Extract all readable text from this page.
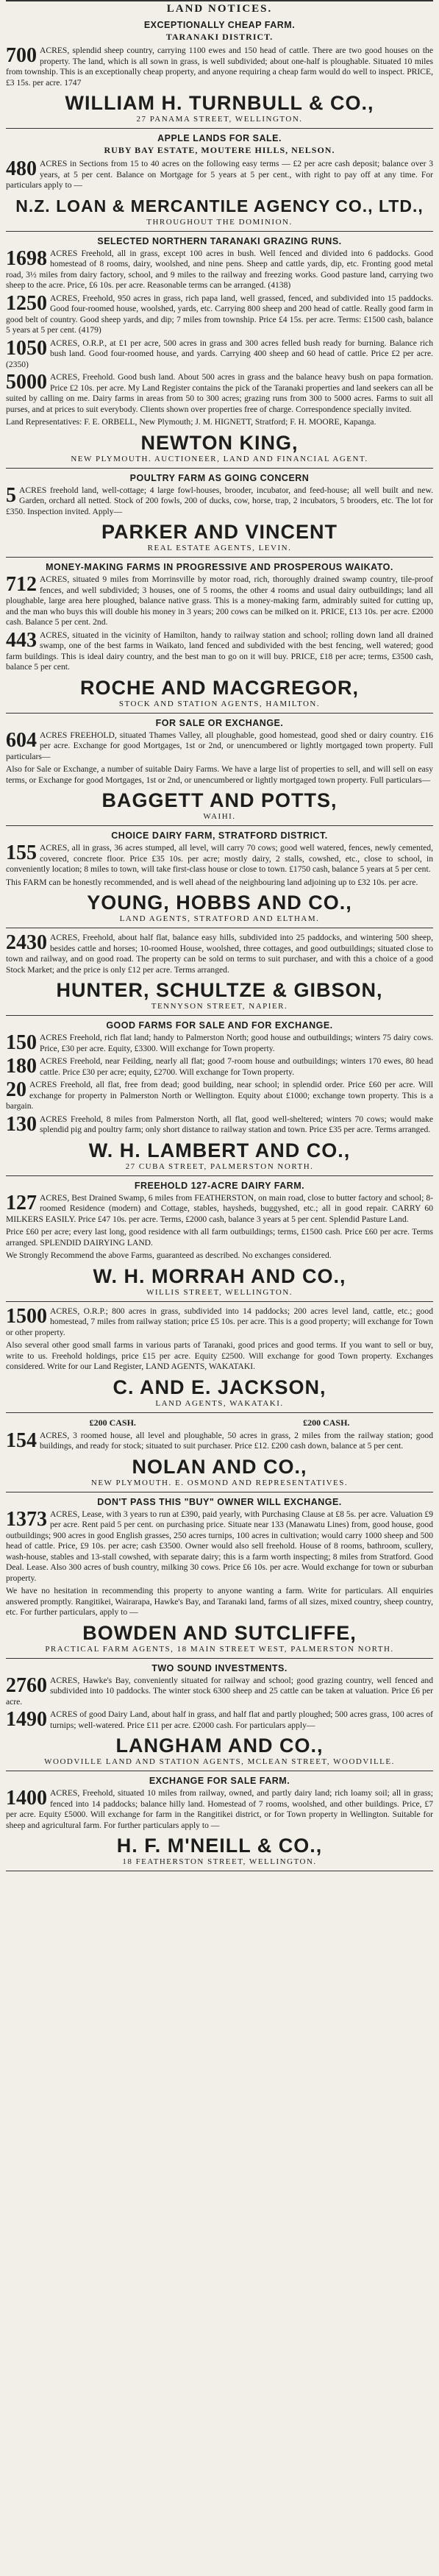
LAND NOTICES.
EXCEPTIONALLY CHEAP FARM.
TARANAKI DISTRICT.
700 ACRES, splendid sheep country, carrying 1100 ewes and 150 head of cattle. There are two good houses on the property. The land, which is all sown in grass, is well subdivided; about one-half is ploughable. Situated 10 miles from township. This is an exceptionally cheap property, and anyone requiring a cheap farm would do well to inspect. PRICE, £3 15s. per acre. 1747
WILLIAM H. TURNBULL & CO.,
27 PANAMA STREET, WELLINGTON.
APPLE LANDS FOR SALE.
RUBY BAY ESTATE, MOUTERE HILLS, NELSON.
480 ACRES in Sections from 15 to 40 acres on the following easy terms — £2 per acre cash deposit; balance over 3 years, at 5 per cent. Balance on Mortgage for 5 years at 5 per cent., with right to pay off at any time. For particulars apply to —
N.Z. LOAN & MERCANTILE AGENCY CO., LTD.,
THROUGHOUT THE DOMINION.
SELECTED NORTHERN TARANAKI GRAZING RUNS.
1698 ACRES Freehold, all in grass, except 100 acres in bush. Well fenced and divided into 6 paddocks. Good homestead of 8 rooms, dairy, woolshed, and nine pens. Sheep and cattle yards, dip, etc. Fronting good metal road, 3½ miles from dairy factory, school, and 9 miles to the railway and freezing works. Good pasture land, carrying two sheep to the acre. Price, £6 10s. per acre. Reasonable terms can be arranged. (4138)
1250 ACRES, Freehold, 950 acres in grass, rich papa land, well grassed, fenced, and subdivided into 15 paddocks. Good four-roomed house, woolshed, yards, etc. Carrying 800 sheep and 200 head of cattle. Really good farm in good belt of country. Good sheep yards, and dip; 7 miles from township. Price £4 15s. per acre. Terms: £1500 cash, balance 5 years at 5 per cent. (4179)
1050 ACRES, O.R.P., at £1 per acre, 500 acres in grass and 300 acres felled bush ready for burning. Balance rich bush land. Good four-roomed house, and yards. Carrying 400 sheep and 60 head of cattle. Price £2 per acre. (2350)
5000 ACRES, Freehold. Good bush land. About 500 acres in grass and the balance heavy bush on papa formation. Price £2 10s. per acre. My Land Register contains the pick of the Taranaki properties and land seekers can all be suited by calling on me. Dairy farms in areas from 50 to 300 acres; grazing runs from 300 to 5000 acres. Farms to suit all purses, and at prices to suit everybody. Clients shown over properties free of charge. Correspondence specially invited.
Land Representatives: F. E. ORBELL, New Plymouth; J. M. HIGNETT, Stratford; F. H. MOORE, Kapanga.
NEWTON KING,
NEW PLYMOUTH. AUCTIONEER, LAND AND FINANCIAL AGENT.
POULTRY FARM AS GOING CONCERN
5 ACRES freehold land, well-cottage; 4 large fowl-houses, brooder, incubator, and feed-house; all well built and new. Garden, orchard all netted. Stock of 200 fowls, 200 of ducks, cow, horse, trap, 2 incubators, 5 brooders, etc. The lot for £350. Inspection invited. Apply—
PARKER AND VINCENT
REAL ESTATE AGENTS, LEVIN.
MONEY-MAKING FARMS IN PROGRESSIVE AND PROSPEROUS WAIKATO.
712 ACRES, situated 9 miles from Morrinsville by motor road, rich, thoroughly drained swamp country, tile-proof fences, and well subdivided; 3 houses, one of 5 rooms, the other 4 rooms and usual dairy outbuildings; land all ploughable, large area here ploughed, balance native grass. This is a money-making farm, admirably suited for cutting up, and the man who buys this will double his money in 3 years; 200 cows can be milked on it. PRICE, £13 10s. per acre. £2000 cash. Balance 5 per cent. 2nd.
443 ACRES, situated in the vicinity of Hamilton, handy to railway station and school; rolling down land all drained swamp, one of the best farms in Waikato, land fenced and subdivided with the best fencing, well watered; good farm buildings. This is ideal dairy country, and the best man to go on it will buy. PRICE, £18 per acre; terms, £3500 cash, balance 5 per cent.
ROCHE AND MACGREGOR,
STOCK AND STATION AGENTS, HAMILTON.
FOR SALE OR EXCHANGE.
604 ACRES FREEHOLD, situated Thames Valley, all ploughable, good homestead, good shed or dairy country. £16 per acre. Exchange for good Mortgages, 1st or 2nd, or unencumbered or lightly mortgaged town property. Full particulars—
Also for Sale or Exchange, a number of suitable Dairy Farms. We have a large list of properties to sell, and will sell on easy terms, or Exchange for good Mortgages, 1st or 2nd, or unencumbered or lightly mortgaged town property. Full particulars—
BAGGETT AND POTTS,
WAIHI.
CHOICE DAIRY FARM, STRATFORD DISTRICT.
155 ACRES, all in grass, 36 acres stumped, all level, will carry 70 cows; good well watered, fences, newly cemented, covered, concrete floor. Price £35 10s. per acre; mostly dairy, 2 stalls, cowshed, etc., close to school, in conveniently location; 8 miles to town, will take first-class house or close to town. £1750 cash, balance 5 years at 5 per cent.
This FARM can be honestly recommended, and is well ahead of the neighbouring land adjoining up to £32 10s. per acre.
YOUNG, HOBBS AND CO.,
LAND AGENTS, STRATFORD AND ELTHAM.
2430 ACRES, Freehold, about half flat, balance easy hills, subdivided into 25 paddocks, and wintering 500 sheep, besides cattle and horses; 10-roomed House, woolshed, three cottages, and good outbuildings; situated close to town and railway, and on good road. The property can be sold on terms to suit purchaser, and with this a choice of a good Stock Market; and the price is only £12 per acre. Terms arranged.
HUNTER, SCHULTZE & GIBSON,
TENNYSON STREET, NAPIER.
GOOD FARMS FOR SALE AND FOR EXCHANGE.
150 ACRES Freehold, rich flat land; handy to Palmerston North; good house and outbuildings; winters 75 dairy cows. Price, £30 per acre. Equity, £3300. Will exchange for Town property.
180 ACRES Freehold, near Feilding, nearly all flat; good 7-room house and outbuildings; winters 170 ewes, 80 head cattle. Price £30 per acre; equity, £2700. Will exchange for Town property.
20 ACRES Freehold, all flat, free from dead; good building, near school; in splendid order. Price £60 per acre. Will exchange for property in Palmerston North or Wellington. Equity about £1000; exchange town property. This is a bargain.
130 ACRES Freehold, 8 miles from Palmerston North, all flat, good well-sheltered; winters 70 cows; would make splendid pig and poultry farm; only short distance to railway station and town. Price £35 per acre. Terms arranged.
W. H. LAMBERT AND CO.,
27 CUBA STREET, PALMERSTON NORTH.
FREEHOLD 127-ACRE DAIRY FARM.
127 ACRES, Best Drained Swamp, 6 miles from FEATHERSTON, on main road, close to butter factory and school; 8-roomed Residence (modern) and Cottage, stables, haysheds, buggyshed, etc.; all in good repair. CARRY 60 MILKERS EASILY. Price £47 10s. per acre. Terms, £2000 cash, balance 3 years at 5 per cent. Splendid Pasture Land.
Price £60 per acre; every last long, good residence with all farm outbuildings; terms, £1500 cash. Price £60 per acre. Terms arranged. SPLENDID DAIRYING LAND.
We Strongly Recommend the above Farms, guaranteed as described. No exchanges considered.
W. H. MORRAH AND CO.,
WILLIS STREET, WELLINGTON.
1500 ACRES, O.R.P.; 800 acres in grass, subdivided into 14 paddocks; 200 acres level land, cattle, etc.; good homestead, 7 miles from railway station; price £5 10s. per acre. This is a good property; will exchange for Town or other property.
Also several other good small farms in various parts of Taranaki, good prices and good terms. If you want to sell or buy, write to us. Freehold holdings, price £15 per acre. Equity £2500. Will exchange for good Town property. Exchanges considered. Write for our Land Register, LAND AGENTS, WAKATAKI.
C. AND E. JACKSON,
LAND AGENTS, WAKATAKI.
£200 CASH.	£200 CASH.
154 ACRES, 3 roomed house, all level and ploughable, 50 acres in grass, 2 miles from the railway station; good buildings, and ready for stock; situated to suit purchaser. Price £12. £200 cash down, balance at 5 per cent.
NOLAN AND CO.,
NEW PLYMOUTH. E. OSMOND AND REPRESENTATIVES.
DON'T PASS THIS "BUY" OWNER WILL EXCHANGE.
1373 ACRES, Lease, with 3 years to run at £390, paid yearly, with Purchasing Clause at £8 5s. per acre. Valuation £9 per acre. Rent paid 5 per cent. on purchasing price. Situate near 133 (Manawatu Lines) from, good house, good outbuildings; 900 acres in good English grasses, 250 acres turnips, 100 acres in cultivation; would carry 1000 sheep and 500 head of cattle. Price, £9 10s. per acre; cash £3500. Owner would also sell freehold. House of 8 rooms, bathroom, scullery, wash-house, stables and 13-stall cowshed, with separate dairy; this is a farm worth inspecting; 8 miles from Stratford. Good Deal. Lease. Also 300 acres of bush country, milking 30 cows. Price £6 10s. per acre. Would exchange for town or suburban property.
We have no hesitation in recommending this property to anyone wanting a farm. Write for particulars. All enquiries answered promptly. Rangitikei, Wairarapa, Hawke's Bay, and Taranaki land, farms of all sizes, mixed country, sheep country, etc. For further particulars, apply to —
BOWDEN AND SUTCLIFFE,
PRACTICAL FARM AGENTS, 18 MAIN STREET WEST, PALMERSTON NORTH.
TWO SOUND INVESTMENTS.
2760 ACRES, Hawke's Bay, conveniently situated for railway and school; good grazing country, well fenced and subdivided into 10 paddocks. The winter stock 6300 sheep and 25 cattle can be taken at valuation. Price £6 per acre.
1490 ACRES of good Dairy Land, about half in grass, and half flat and partly ploughed; 500 acres grass, 100 acres of turnips; well-watered. Price £11 per acre. £2000 cash. For particulars apply—
LANGHAM AND CO.,
WOODVILLE LAND AND STATION AGENTS, MCLEAN STREET, WOODVILLE.
EXCHANGE FOR SALE FARM.
1400 ACRES, Freehold, situated 10 miles from railway, owned, and partly dairy land; rich loamy soil; all in grass; fenced into 14 paddocks; balance hilly land. Homestead of 7 rooms, woolshed, and other buildings. Price, £7 per acre. Equity £5000. Will exchange for farm in the Rangitikei district, or for Town property in Wellington. Suitable for sheep and agricultural farm. For further particulars apply to —
H. F. M'NEILL & CO.,
18 FEATHERSTON STREET, WELLINGTON.
